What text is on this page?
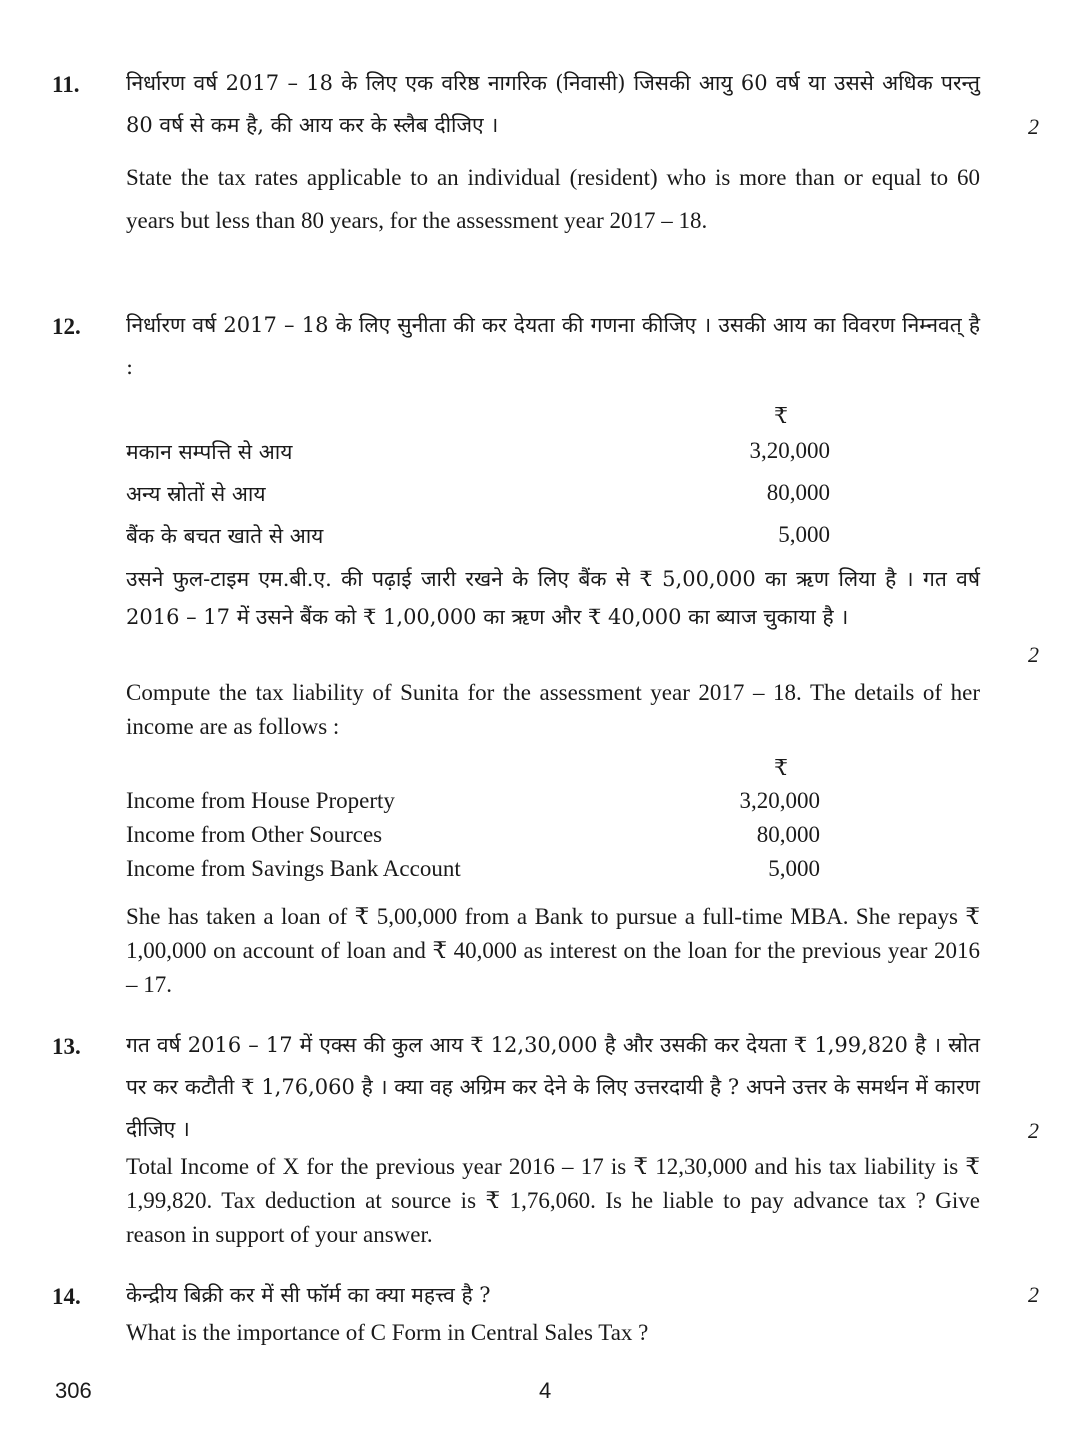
11. निर्धारण वर्ष 2017 – 18 के लिए एक वरिष्ठ नागरिक (निवासी) जिसकी आयु 60 वर्ष या उससे अधिक परन्तु 80 वर्ष से कम है, की आय कर के स्लैब दीजिए ।	2
State the tax rates applicable to an individual (resident) who is more than or equal to 60 years but less than 80 years, for the assessment year 2017 – 18.
12. निर्धारण वर्ष 2017 – 18 के लिए सुनीता की कर देयता की गणना कीजिए । उसकी आय का विवरण निम्नवत् है :
₹
मकान सम्पत्ति से आय	3,20,000
अन्य स्रोतों से आय	80,000
बैंक के बचत खाते से आय	5,000
उसने फुल-टाइम एम.बी.ए. की पढ़ाई जारी रखने के लिए बैंक से ₹ 5,00,000 का ऋण लिया है । गत वर्ष 2016 – 17 में उसने बैंक को ₹ 1,00,000 का ऋण और ₹ 40,000 का ब्याज चुकाया है ।
2
Compute the tax liability of Sunita for the assessment year 2017 – 18. The details of her income are as follows :
₹
Income from House Property	3,20,000
Income from Other Sources	80,000
Income from Savings Bank Account	5,000
She has taken a loan of ₹ 5,00,000 from a Bank to pursue a full-time MBA. She repays ₹ 1,00,000 on account of loan and ₹ 40,000 as interest on the loan for the previous year 2016 – 17.
13. गत वर्ष 2016 – 17 में एक्स की कुल आय ₹ 12,30,000 है और उसकी कर देयता ₹ 1,99,820 है । स्रोत पर कर कटौती ₹ 1,76,060 है । क्या वह अग्रिम कर देने के लिए उत्तरदायी है ? अपने उत्तर के समर्थन में कारण दीजिए ।	2
Total Income of X for the previous year 2016 – 17 is ₹ 12,30,000 and his tax liability is ₹ 1,99,820. Tax deduction at source is ₹ 1,76,060. Is he liable to pay advance tax ? Give reason in support of your answer.
14. केन्द्रीय बिक्री कर में सी फॉर्म का क्या महत्त्व है ?	2
What is the importance of C Form in Central Sales Tax ?
306	4
